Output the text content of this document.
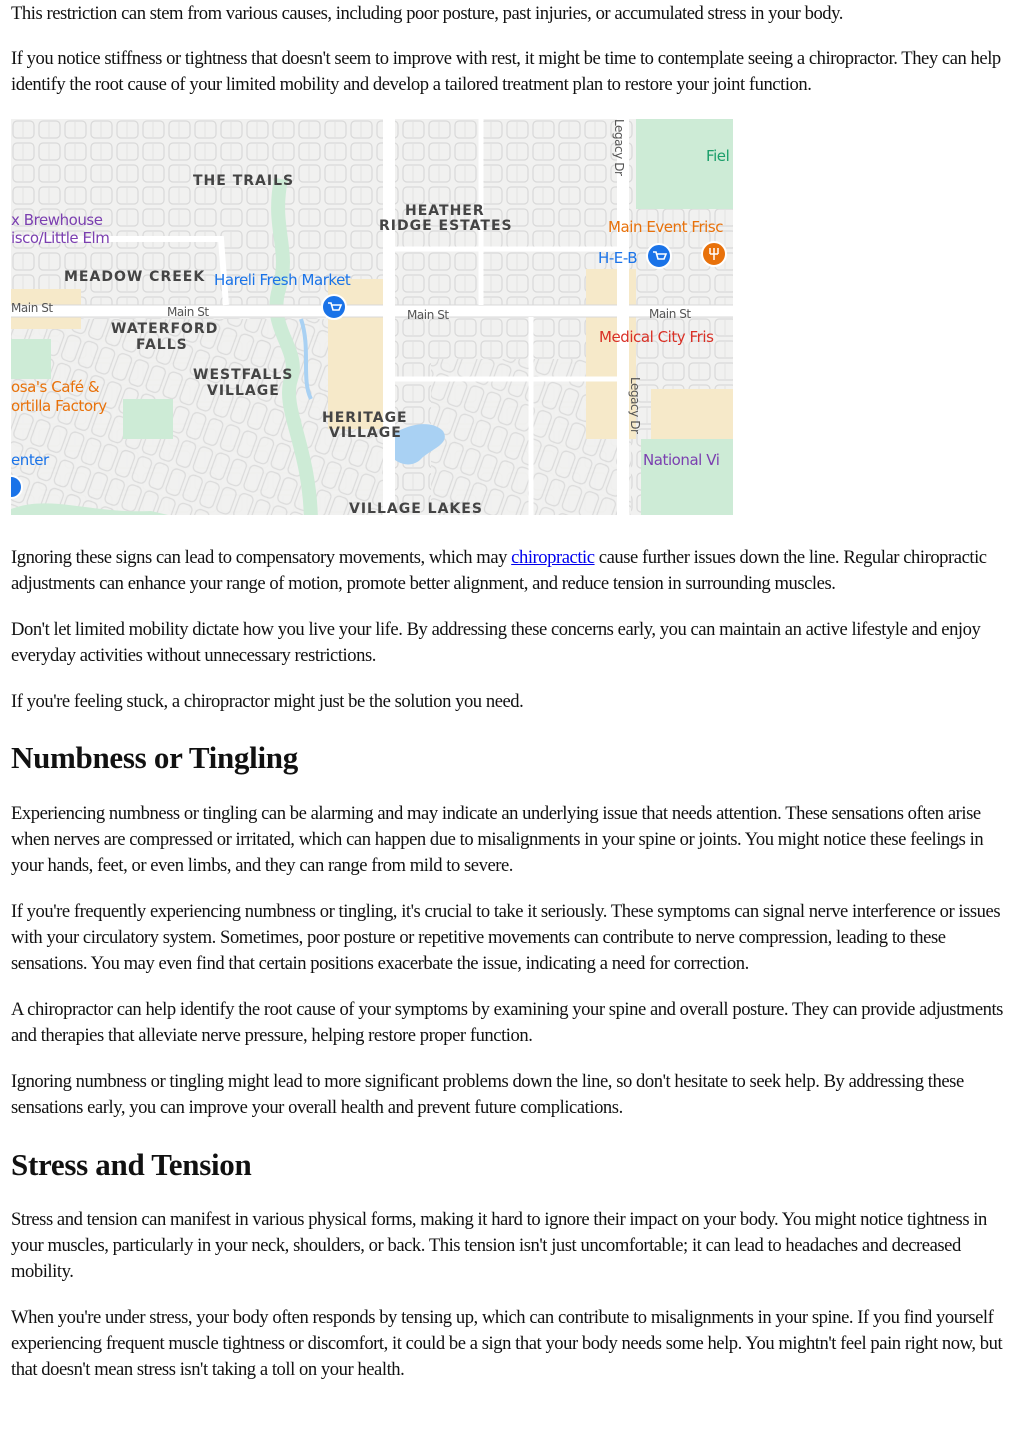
This restriction can stem from various causes, including poor posture, past injuries, or accumulated stress in your body.

If you notice stiffness or tightness that doesn't seem to improve with rest, it might be time to contemplate seeing a chiropractor. They can help identify the root cause of your limited mobility and develop a tailored treatment plan to restore your joint function.

THE TRAILS
HEATHER
RIDGE ESTATES
MEADOW CREEK
WATERFORD
FALLS
WESTFALLS
VILLAGE
HERITAGE
VILLAGE
VILLAGE LAKES
Main St	Main St	Main St	Main St
Legacy Dr
Legacy Dr
x Brewhouse
isco/Little Elm
Hareli Fresh Market
Main Event Frisc
H-E-B
Medical City Fris
osa's Café &
ortilla Factory
enter	National Vi
Fiel

Ignoring these signs can lead to compensatory movements, which may chiropractic cause further issues down the line. Regular chiropractic adjustments can enhance your range of motion, promote better alignment, and reduce tension in surrounding muscles.

Don't let limited mobility dictate how you live your life. By addressing these concerns early, you can maintain an active lifestyle and enjoy everyday activities without unnecessary restrictions.

If you're feeling stuck, a chiropractor might just be the solution you need.

Numbness or Tingling

Experiencing numbness or tingling can be alarming and may indicate an underlying issue that needs attention. These sensations often arise when nerves are compressed or irritated, which can happen due to misalignments in your spine or joints. You might notice these feelings in your hands, feet, or even limbs, and they can range from mild to severe.

If you're frequently experiencing numbness or tingling, it's crucial to take it seriously. These symptoms can signal nerve interference or issues with your circulatory system. Sometimes, poor posture or repetitive movements can contribute to nerve compression, leading to these sensations. You may even find that certain positions exacerbate the issue, indicating a need for correction.

A chiropractor can help identify the root cause of your symptoms by examining your spine and overall posture. They can provide adjustments and therapies that alleviate nerve pressure, helping restore proper function.

Ignoring numbness or tingling might lead to more significant problems down the line, so don't hesitate to seek help. By addressing these sensations early, you can improve your overall health and prevent future complications.

Stress and Tension

Stress and tension can manifest in various physical forms, making it hard to ignore their impact on your body. You might notice tightness in your muscles, particularly in your neck, shoulders, or back. This tension isn't just uncomfortable; it can lead to headaches and decreased mobility.

When you're under stress, your body often responds by tensing up, which can contribute to misalignments in your spine. If you find yourself experiencing frequent muscle tightness or discomfort, it could be a sign that your body needs some help. You mightn't feel pain right now, but that doesn't mean stress isn't taking a toll on your health.
